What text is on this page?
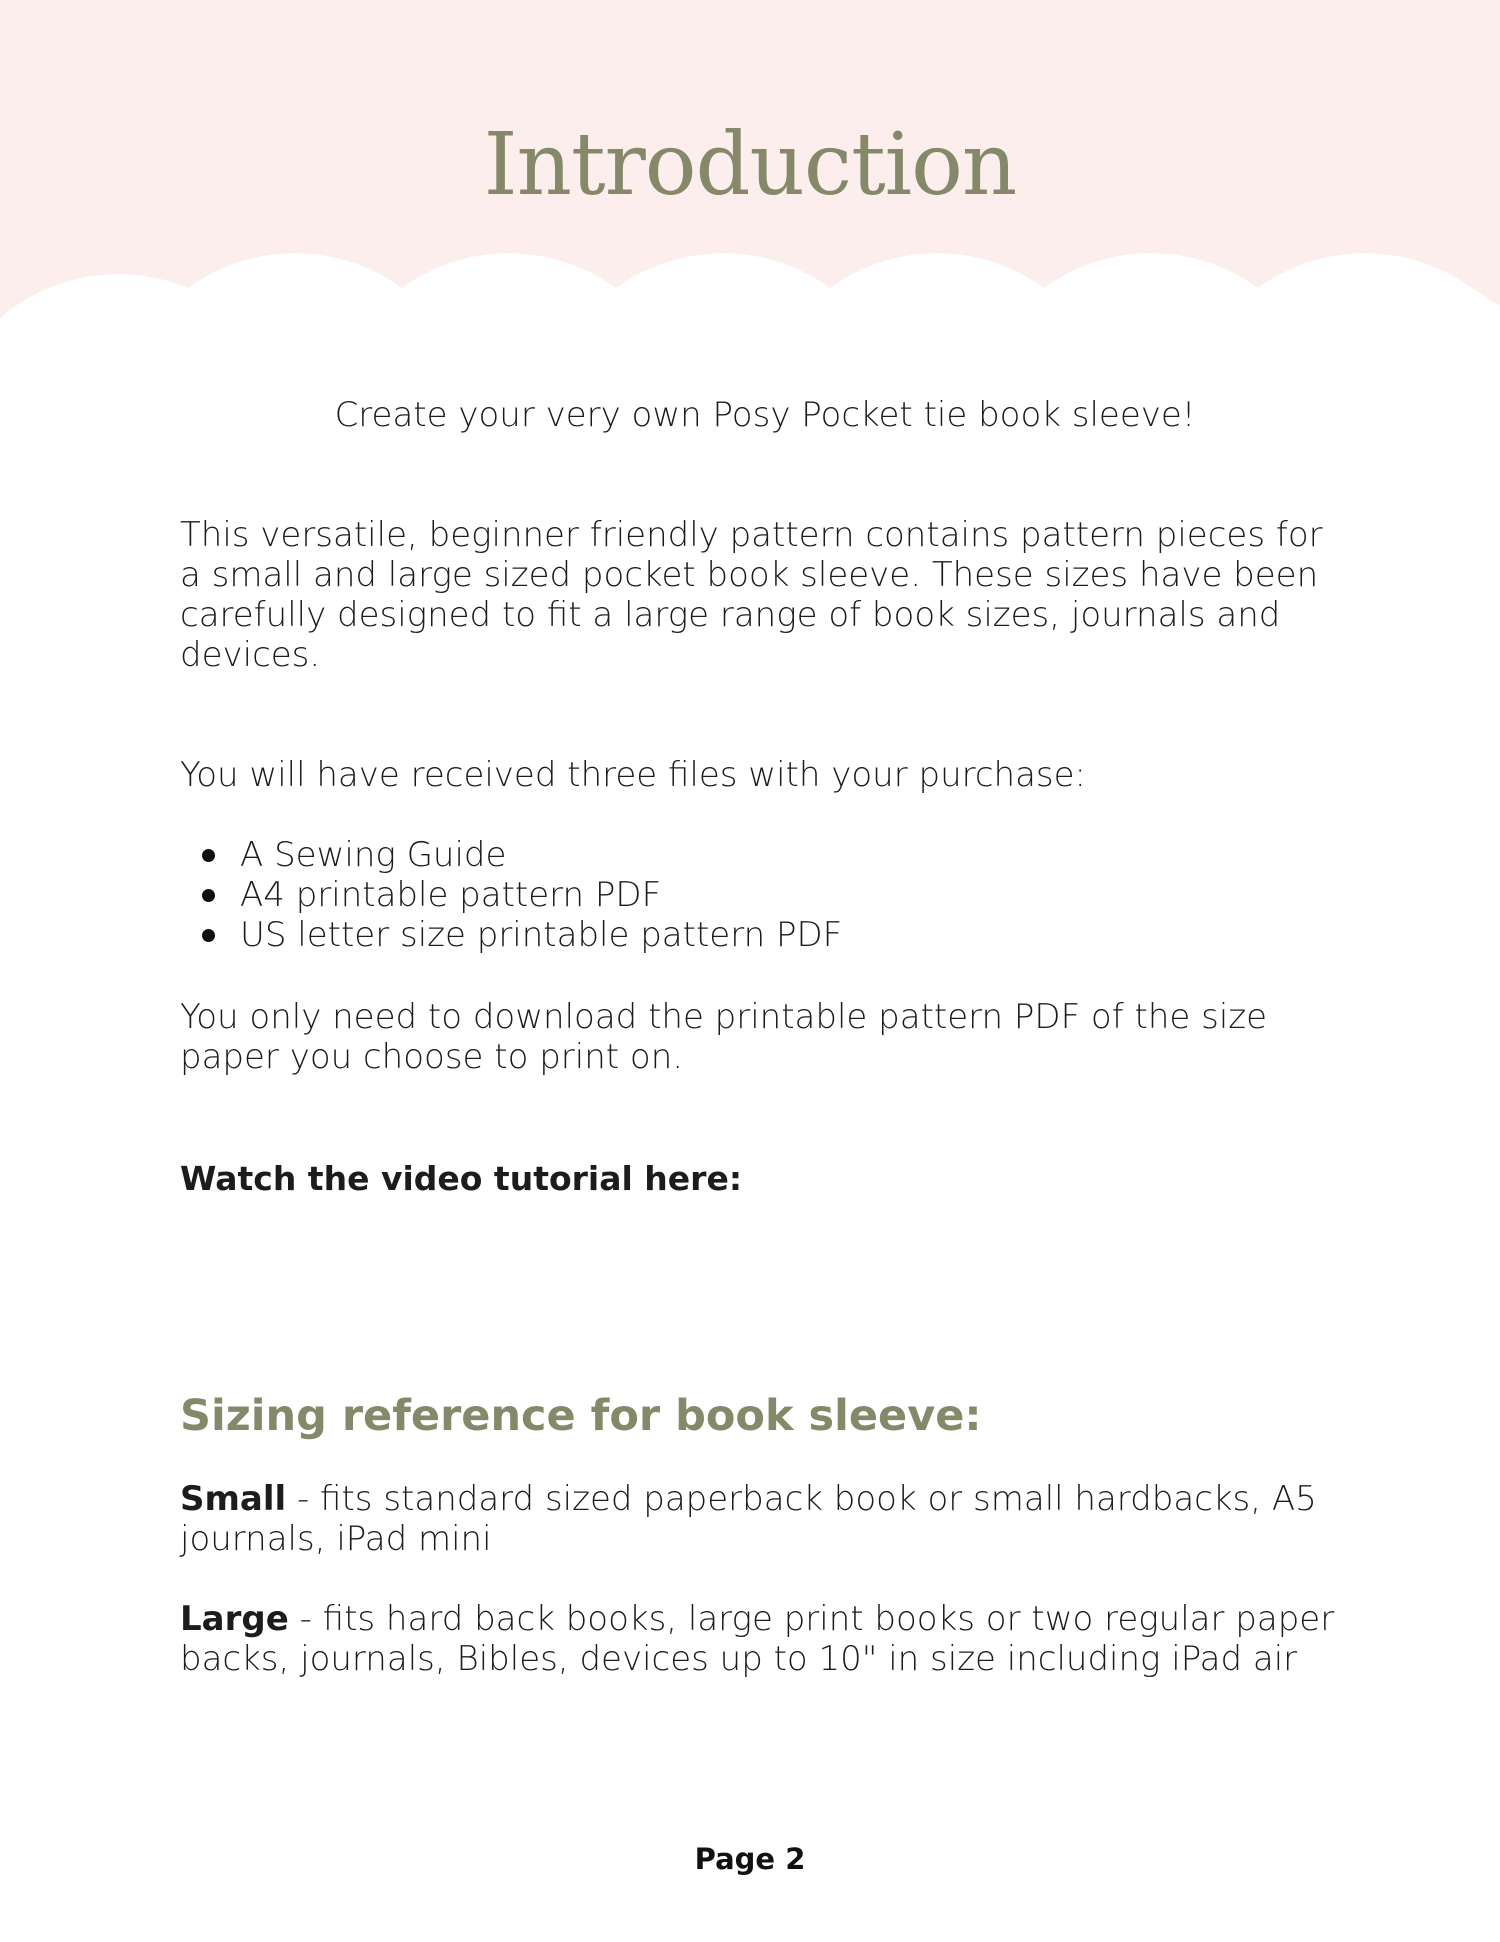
Introduction

Create your very own Posy Pocket tie book sleeve!

This versatile, beginner friendly pattern contains pattern pieces for a small and large sized pocket book sleeve. These sizes have been carefully designed to fit a large range of book sizes, journals and devices.

You will have received three files with your purchase:

A Sewing Guide
A4 printable pattern PDF
US letter size printable pattern PDF

You only need to download the printable pattern PDF of the size paper you choose to print on.

Watch the video tutorial here:

Sizing reference for book sleeve:

Small - fits standard sized paperback book or small hardbacks, A5 journals, iPad mini

Large - fits hard back books, large print books or two regular paper backs, journals, Bibles, devices up to 10" in size including iPad air

Page 2
